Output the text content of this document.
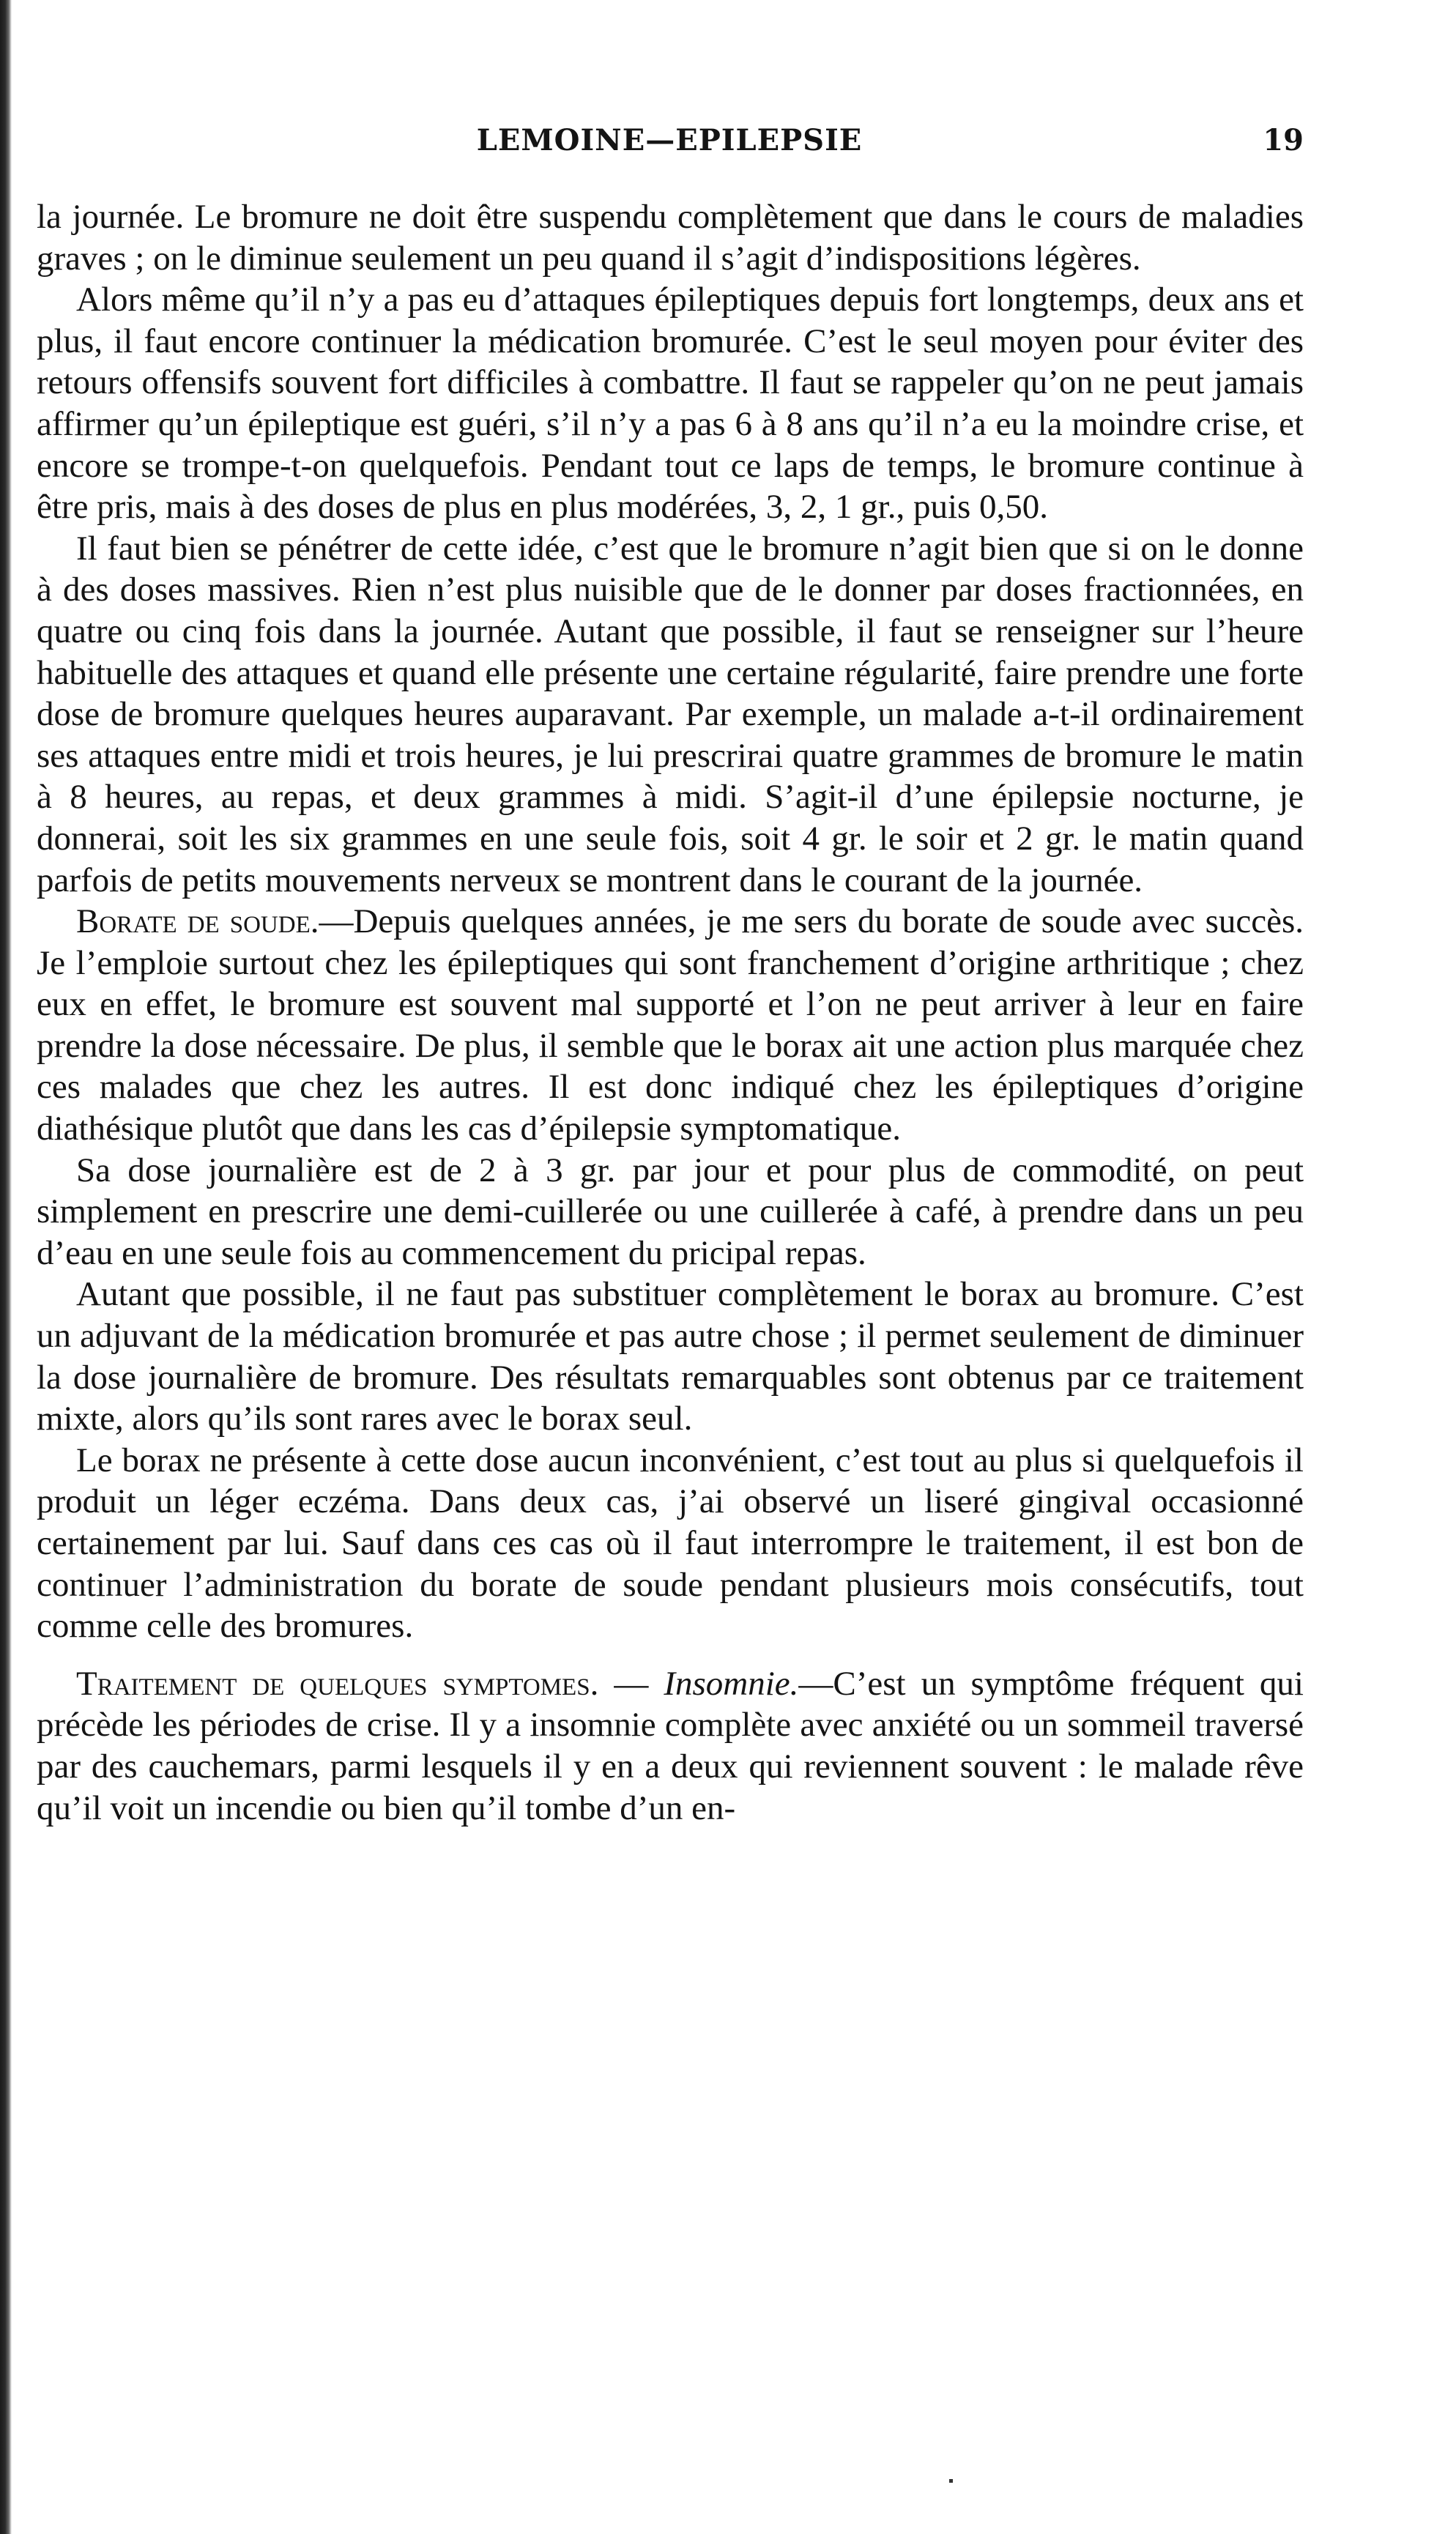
LEMOINE—EPILEPSIE	19

la journée. Le bromure ne doit être suspendu complètement que dans le cours de maladies graves ; on le diminue seulement un peu quand il s’agit d’indispositions légères.

Alors même qu’il n’y a pas eu d’attaques épileptiques depuis fort longtemps, deux ans et plus, il faut encore continuer la médication bromurée. C’est le seul moyen pour éviter des retours offensifs souvent fort difficiles à combattre. Il faut se rappeler qu’on ne peut jamais affirmer qu’un épileptique est guéri, s’il n’y a pas 6 à 8 ans qu’il n’a eu la moindre crise, et encore se trompe-t-on quelquefois. Pendant tout ce laps de temps, le bromure continue à être pris, mais à des doses de plus en plus modérées, 3, 2, 1 gr., puis 0,50.

Il faut bien se pénétrer de cette idée, c’est que le bromure n’agit bien que si on le donne à des doses massives. Rien n’est plus nuisible que de le donner par doses fractionnées, en quatre ou cinq fois dans la journée. Autant que possible, il faut se renseigner sur l’heure habituelle des attaques et quand elle présente une certaine régularité, faire prendre une forte dose de bromure quelques heures auparavant. Par exemple, un malade a-t-il ordinairement ses attaques entre midi et trois heures, je lui prescrirai quatre grammes de bromure le matin à 8 heures, au repas, et deux grammes à midi. S’agit-il d’une épilepsie nocturne, je donnerai, soit les six grammes en une seule fois, soit 4 gr. le soir et 2 gr. le matin quand parfois de petits mouvements nerveux se montrent dans le courant de la journée.

Borate de soude.—Depuis quelques années, je me sers du borate de soude avec succès. Je l’emploie surtout chez les épileptiques qui sont franchement d’origine arthritique ; chez eux en effet, le bromure est souvent mal supporté et l’on ne peut arriver à leur en faire prendre la dose nécessaire. De plus, il semble que le borax ait une action plus marquée chez ces malades que chez les autres. Il est donc indiqué chez les épileptiques d’origine diathésique plutôt que dans les cas d’épilepsie symptomatique.

Sa dose journalière est de 2 à 3 gr. par jour et pour plus de commodité, on peut simplement en prescrire une demi-cuillerée ou une cuillerée à café, à prendre dans un peu d’eau en une seule fois au commencement du pricipal repas.

Autant que possible, il ne faut pas substituer complètement le borax au bromure. C’est un adjuvant de la médication bromurée et pas autre chose ; il permet seulement de diminuer la dose journalière de bromure. Des résultats remarquables sont obtenus par ce traitement mixte, alors qu’ils sont rares avec le borax seul.

Le borax ne présente à cette dose aucun inconvénient, c’est tout au plus si quelquefois il produit un léger eczéma. Dans deux cas, j’ai observé un liseré gingival occasionné certainement par lui. Sauf dans ces cas où il faut interrompre le traitement, il est bon de continuer l’administration du borate de soude pendant plusieurs mois consécutifs, tout comme celle des bromures.

Traitement de quelques symptomes. — Insomnie.—C’est un symptôme fréquent qui précède les périodes de crise. Il y a insomnie complète avec anxiété ou un sommeil traversé par des cauchemars, parmi lesquels il y en a deux qui reviennent souvent : le malade rêve qu’il voit un incendie ou bien qu’il tombe d’un en-
